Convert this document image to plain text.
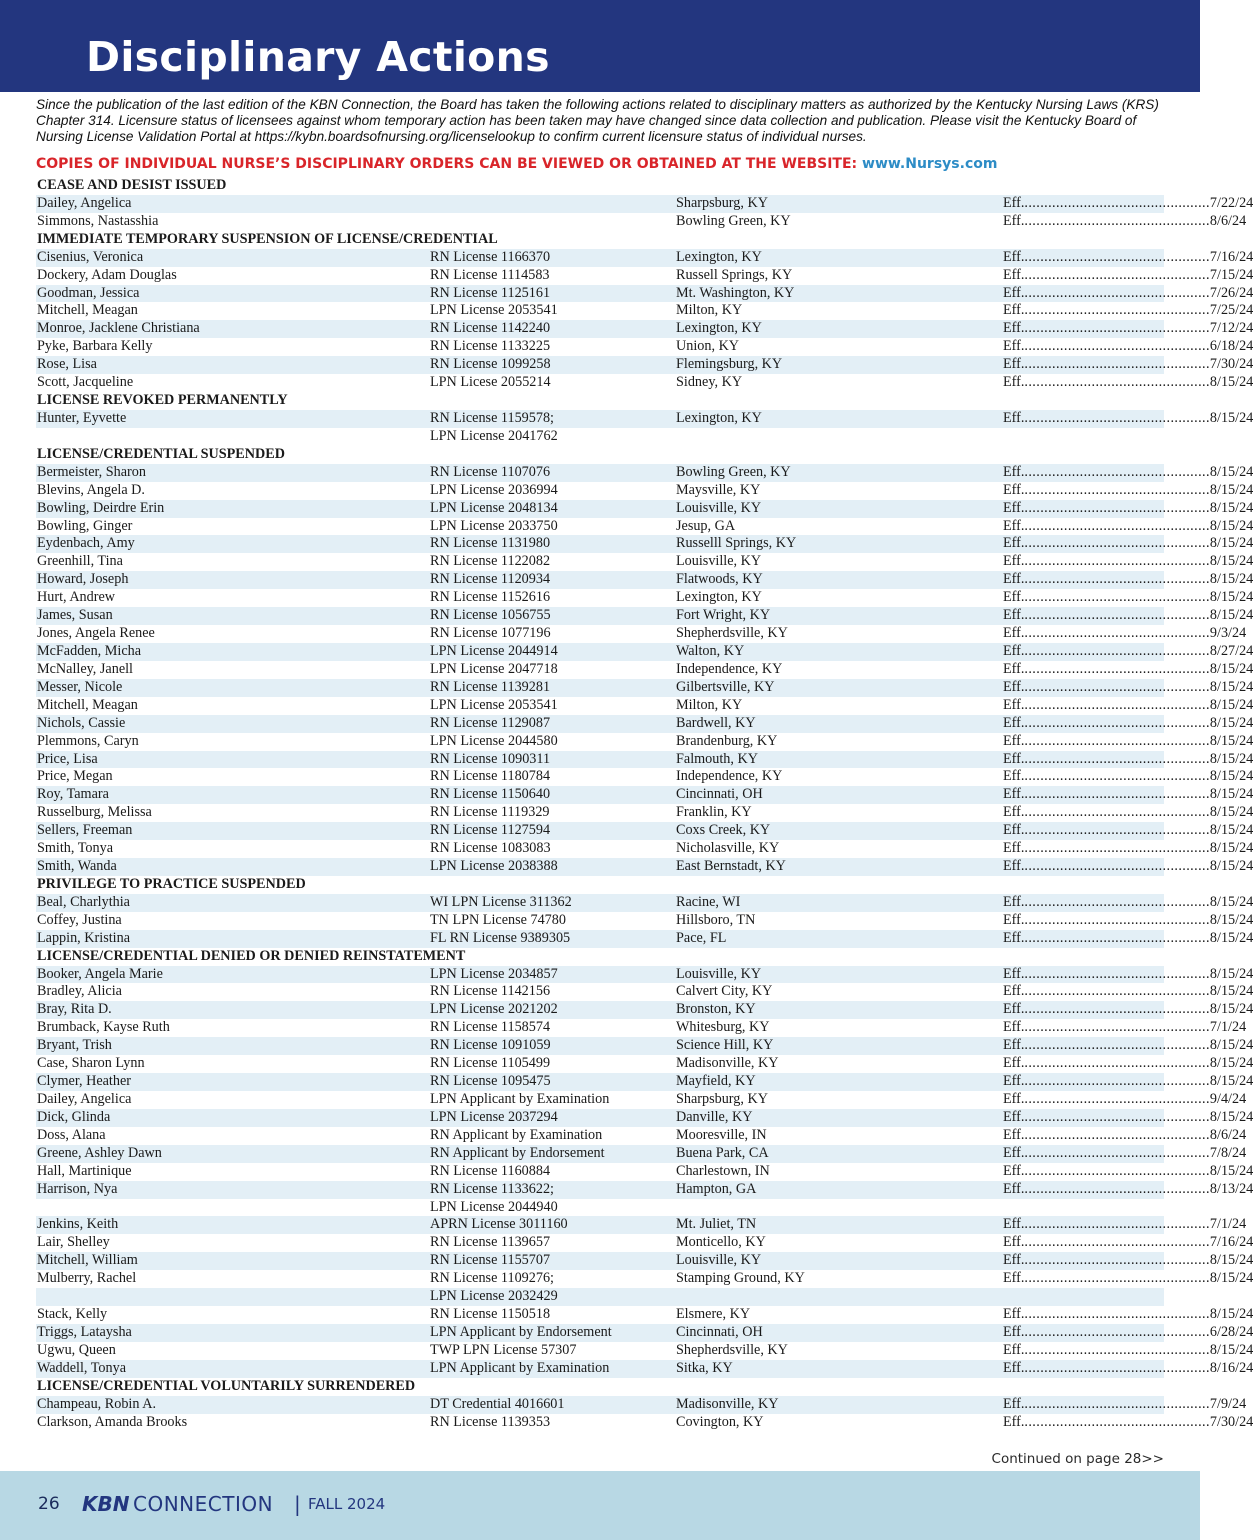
Disciplinary Actions

Since the publication of the last edition of the KBN Connection, the Board has taken the following actions related to disciplinary matters as authorized by the Kentucky Nursing Laws (KRS) Chapter 314. Licensure status of licensees against whom temporary action has been taken may have changed since data collection and publication. Please visit the Kentucky Board of Nursing License Validation Portal at https://kybn.boardsofnursing.org/licenselookup to confirm current licensure status of individual nurses.

COPIES OF INDIVIDUAL NURSE’S DISCIPLINARY ORDERS CAN BE VIEWED OR OBTAINED AT THE WEBSITE: www.Nursys.com

CEASE AND DESIST ISSUED
Dailey, Angelica	Sharpsburg, KY	Eff. ............................................... 7/22/24
Simmons, Nastasshia	Bowling Green, KY	Eff. ............................................... 8/6/24
IMMEDIATE TEMPORARY SUSPENSION OF LICENSE/CREDENTIAL
Cisenius, Veronica	RN License 1166370	Lexington, KY	Eff. ............................................... 7/16/24
Dockery, Adam Douglas	RN License 1114583	Russell Springs, KY	Eff. ............................................... 7/15/24
Goodman, Jessica	RN License 1125161	Mt. Washington, KY	Eff. ............................................... 7/26/24
Mitchell, Meagan	LPN License 2053541	Milton, KY	Eff. ............................................... 7/25/24
Monroe, Jacklene Christiana	RN License 1142240	Lexington, KY	Eff. ............................................... 7/12/24
Pyke, Barbara Kelly	RN License 1133225	Union, KY	Eff. ............................................... 6/18/24
Rose, Lisa	RN License 1099258	Flemingsburg, KY	Eff. ............................................... 7/30/24
Scott, Jacqueline	LPN Licese 2055214	Sidney, KY	Eff. ............................................... 8/15/24
LICENSE REVOKED PERMANENTLY
Hunter, Eyvette	RN License 1159578;	Lexington, KY	Eff. ............................................... 8/15/24
LPN License 2041762
LICENSE/CREDENTIAL SUSPENDED
Bermeister, Sharon	RN License 1107076	Bowling Green, KY	Eff. ............................................... 8/15/24
Blevins, Angela D.	LPN License 2036994	Maysville, KY	Eff. ............................................... 8/15/24
Bowling, Deirdre Erin	LPN License 2048134	Louisville, KY	Eff. ............................................... 8/15/24
Bowling, Ginger	LPN License 2033750	Jesup, GA	Eff. ............................................... 8/15/24
Eydenbach, Amy	RN License 1131980	Russelll Springs, KY	Eff. ............................................... 8/15/24
Greenhill, Tina	RN License 1122082	Louisville, KY	Eff. ............................................... 8/15/24
Howard, Joseph	RN License 1120934	Flatwoods, KY	Eff. ............................................... 8/15/24
Hurt, Andrew	RN License 1152616	Lexington, KY	Eff. ............................................... 8/15/24
James, Susan	RN License 1056755	Fort Wright, KY	Eff. ............................................... 8/15/24
Jones, Angela Renee	RN License 1077196	Shepherdsville, KY	Eff. ............................................... 9/3/24
McFadden, Micha	LPN License 2044914	Walton, KY	Eff. ............................................... 8/27/24
McNalley, Janell	LPN License 2047718	Independence, KY	Eff. ............................................... 8/15/24
Messer, Nicole	RN License 1139281	Gilbertsville, KY	Eff. ............................................... 8/15/24
Mitchell, Meagan	LPN License 2053541	Milton, KY	Eff. ............................................... 8/15/24
Nichols, Cassie	RN License 1129087	Bardwell, KY	Eff. ............................................... 8/15/24
Plemmons, Caryn	LPN License 2044580	Brandenburg, KY	Eff. ............................................... 8/15/24
Price, Lisa	RN License 1090311	Falmouth, KY	Eff. ............................................... 8/15/24
Price, Megan	RN License 1180784	Independence, KY	Eff. ............................................... 8/15/24
Roy, Tamara	RN License 1150640	Cincinnati, OH	Eff. ............................................... 8/15/24
Russelburg, Melissa	RN License 1119329	Franklin, KY	Eff. ............................................... 8/15/24
Sellers, Freeman	RN License 1127594	Coxs Creek, KY	Eff. ............................................... 8/15/24
Smith, Tonya	RN License 1083083	Nicholasville, KY	Eff. ............................................... 8/15/24
Smith, Wanda	LPN License 2038388	East Bernstadt, KY	Eff. ............................................... 8/15/24
PRIVILEGE TO PRACTICE SUSPENDED
Beal, Charlythia	WI LPN License 311362	Racine, WI	Eff. ............................................... 8/15/24
Coffey, Justina	TN LPN License 74780	Hillsboro, TN	Eff. ............................................... 8/15/24
Lappin, Kristina	FL RN License 9389305	Pace, FL	Eff. ............................................... 8/15/24
LICENSE/CREDENTIAL DENIED OR DENIED REINSTATEMENT
Booker, Angela Marie	LPN License 2034857	Louisville, KY	Eff. ............................................... 8/15/24
Bradley, Alicia	RN License 1142156	Calvert City, KY	Eff. ............................................... 8/15/24
Bray, Rita D.	LPN License 2021202	Bronston, KY	Eff. ............................................... 8/15/24
Brumback, Kayse Ruth	RN License 1158574	Whitesburg, KY	Eff. ............................................... 7/1/24
Bryant, Trish	RN License 1091059	Science Hill, KY	Eff. ............................................... 8/15/24
Case, Sharon Lynn	RN License 1105499	Madisonville, KY	Eff. ............................................... 8/15/24
Clymer, Heather	RN License 1095475	Mayfield, KY	Eff. ............................................... 8/15/24
Dailey, Angelica	LPN Applicant by Examination	Sharpsburg, KY	Eff. ............................................... 9/4/24
Dick, Glinda	LPN License 2037294	Danville, KY	Eff. ............................................... 8/15/24
Doss, Alana	RN Applicant by Examination	Mooresville, IN	Eff. ............................................... 8/6/24
Greene, Ashley Dawn	RN Applicant by Endorsement	Buena Park, CA	Eff. ............................................... 7/8/24
Hall, Martinique	RN License 1160884	Charlestown, IN	Eff. ............................................... 8/15/24
Harrison, Nya	RN License 1133622;	Hampton, GA	Eff. ............................................... 8/13/24
LPN License 2044940
Jenkins, Keith	APRN License 3011160	Mt. Juliet, TN	Eff. ............................................... 7/1/24
Lair, Shelley	RN License 1139657	Monticello, KY	Eff. ............................................... 7/16/24
Mitchell, William	RN License 1155707	Louisville, KY	Eff. ............................................... 8/15/24
Mulberry, Rachel	RN License 1109276;	Stamping Ground, KY	Eff. ............................................... 8/15/24
LPN License 2032429
Stack, Kelly	RN License 1150518	Elsmere, KY	Eff. ............................................... 8/15/24
Triggs, Lataysha	LPN Applicant by Endorsement	Cincinnati, OH	Eff. ............................................... 6/28/24
Ugwu, Queen	TWP LPN License 57307	Shepherdsville, KY	Eff. ............................................... 8/15/24
Waddell, Tonya	LPN Applicant by Examination	Sitka, KY	Eff. ............................................... 8/16/24
LICENSE/CREDENTIAL VOLUNTARILY SURRENDERED
Champeau, Robin A.	DT Credential 4016601	Madisonville, KY	Eff. ............................................... 7/9/24
Clarkson, Amanda Brooks	RN License 1139353	Covington, KY	Eff. ............................................... 7/30/24
Continued on page 28>>
26 KBN CONNECTION | FALL 2024
